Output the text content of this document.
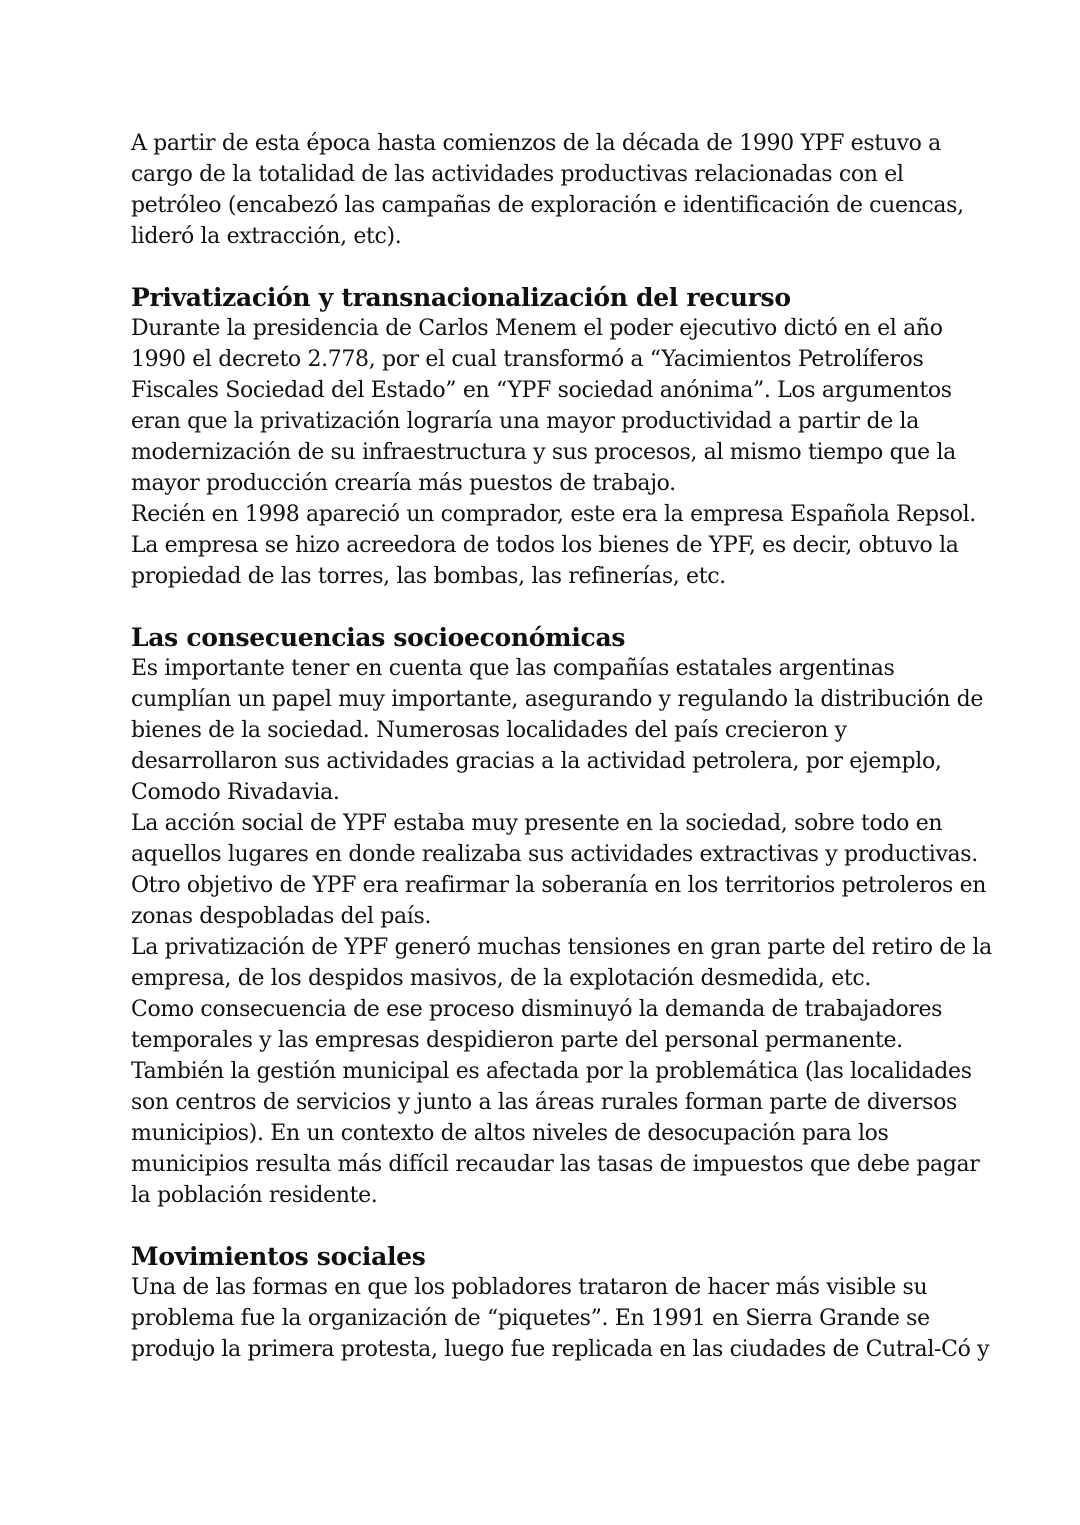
A partir de esta época hasta comienzos de la década de 1990 YPF estuvo a
cargo de la totalidad de las actividades productivas relacionadas con el
petróleo (encabezó las campañas de exploración e identificación de cuencas,
lideró la extracción, etc).
Privatización y transnacionalización del recurso
Durante la presidencia de Carlos Menem el poder ejecutivo dictó en el año
1990 el decreto 2.778, por el cual transformó a “Yacimientos Petrolíferos
Fiscales Sociedad del Estado” en “YPF sociedad anónima”. Los argumentos
eran que la privatización lograría una mayor productividad a partir de la
modernización de su infraestructura y sus procesos, al mismo tiempo que la
mayor producción crearía más puestos de trabajo.
Recién en 1998 apareció un comprador, este era la empresa Española Repsol.
La empresa se hizo acreedora de todos los bienes de YPF, es decir, obtuvo la
propiedad de las torres, las bombas, las refinerías, etc.
Las consecuencias socioeconómicas
Es importante tener en cuenta que las compañías estatales argentinas
cumplían un papel muy importante, asegurando y regulando la distribución de
bienes de la sociedad. Numerosas localidades del país crecieron y
desarrollaron sus actividades gracias a la actividad petrolera, por ejemplo,
Comodo Rivadavia.
La acción social de YPF estaba muy presente en la sociedad, sobre todo en
aquellos lugares en donde realizaba sus actividades extractivas y productivas.
Otro objetivo de YPF era reafirmar la soberanía en los territorios petroleros en
zonas despobladas del país.
La privatización de YPF generó muchas tensiones en gran parte del retiro de la
empresa, de los despidos masivos, de la explotación desmedida, etc.
Como consecuencia de ese proceso disminuyó la demanda de trabajadores
temporales y las empresas despidieron parte del personal permanente.
También la gestión municipal es afectada por la problemática (las localidades
son centros de servicios y junto a las áreas rurales forman parte de diversos
municipios). En un contexto de altos niveles de desocupación para los
municipios resulta más difícil recaudar las tasas de impuestos que debe pagar
la población residente.
Movimientos sociales
Una de las formas en que los pobladores trataron de hacer más visible su
problema fue la organización de “piquetes”. En 1991 en Sierra Grande se
produjo la primera protesta, luego fue replicada en las ciudades de Cutral-Có y
